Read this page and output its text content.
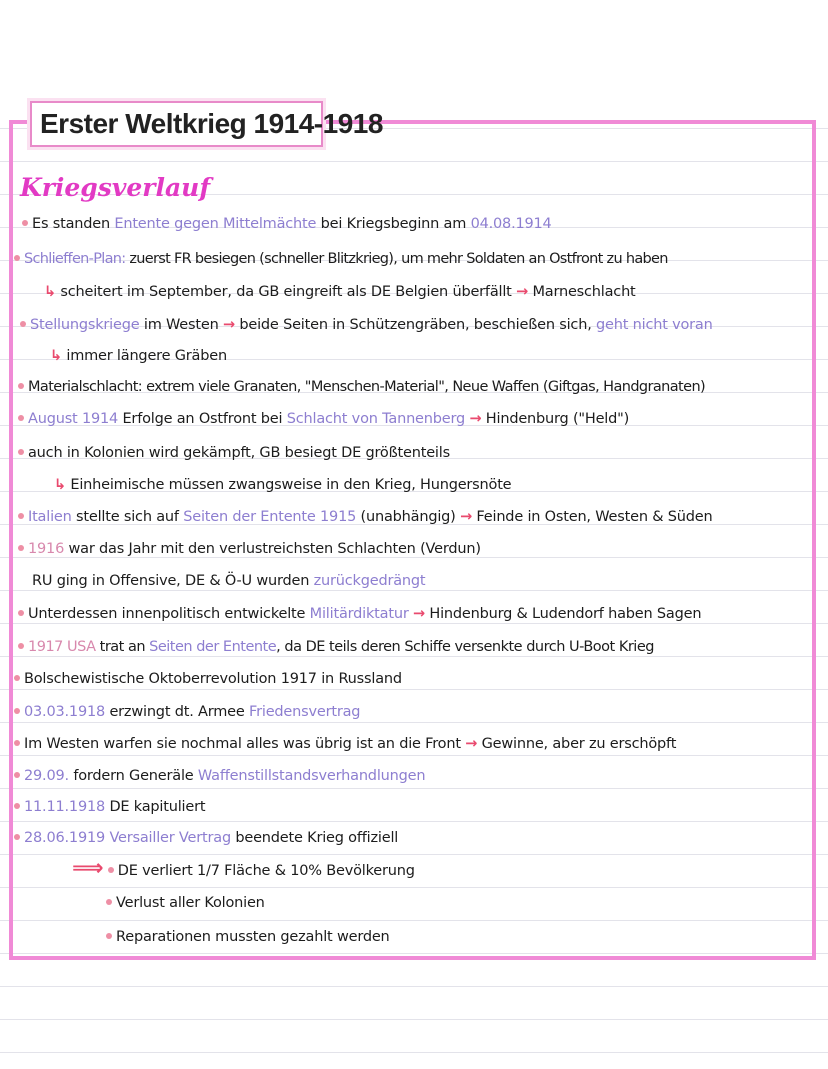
Erster Weltkrieg 1914-1918
Kriegsverlauf
Es standen Entente gegen Mittelmächte bei Kriegsbeginn am 04.08.1914
Schlieffen-Plan: zuerst FR besiegen (schneller Blitzkrieg), um mehr Soldaten an Ostfront zu haben
↳ scheitert im September, da GB eingreift als DE Belgien überfällt → Marneschlacht
Stellungskriege im Westen → beide Seiten in Schützengräben, beschießen sich, geht nicht voran
↳ immer längere Gräben
Materialschlacht: extrem viele Granaten, "Menschen-Material", Neue Waffen (Giftgas, Handgranaten)
August 1914 Erfolge an Ostfront bei Schlacht von Tannenberg → Hindenburg ("Held")
auch in Kolonien wird gekämpft, GB besiegt DE größtenteils
↳ Einheimische müssen zwangsweise in den Krieg, Hungersnöte
Italien stellte sich auf Seiten der Entente 1915 (unabhängig) → Feinde in Osten, Westen & Süden
1916 war das Jahr mit den verlustreichsten Schlachten (Verdun)
RU ging in Offensive, DE & Ö-U wurden zurückgedrängt
Unterdessen innenpolitisch entwickelte Militärdiktatur → Hindenburg & Ludendorf haben Sagen
1917 USA trat an Seiten der Entente, da DE teils deren Schiffe versenkte durch U-Boot Krieg
Bolschewistische Oktoberrevolution 1917 in Russland
03.03.1918 erzwingt dt. Armee Friedensvertrag
Im Westen warfen sie nochmal alles was übrig ist an die Front → Gewinne, aber zu erschöpft
29.09. fordern Generäle Waffenstillstandsverhandlungen
11.11.1918 DE kapituliert
28.06.1919 Versailler Vertrag beendete Krieg offiziell
⟹ DE verliert 1/7 Fläche & 10% Bevölkerung
Verlust aller Kolonien
Reparationen mussten gezahlt werden
